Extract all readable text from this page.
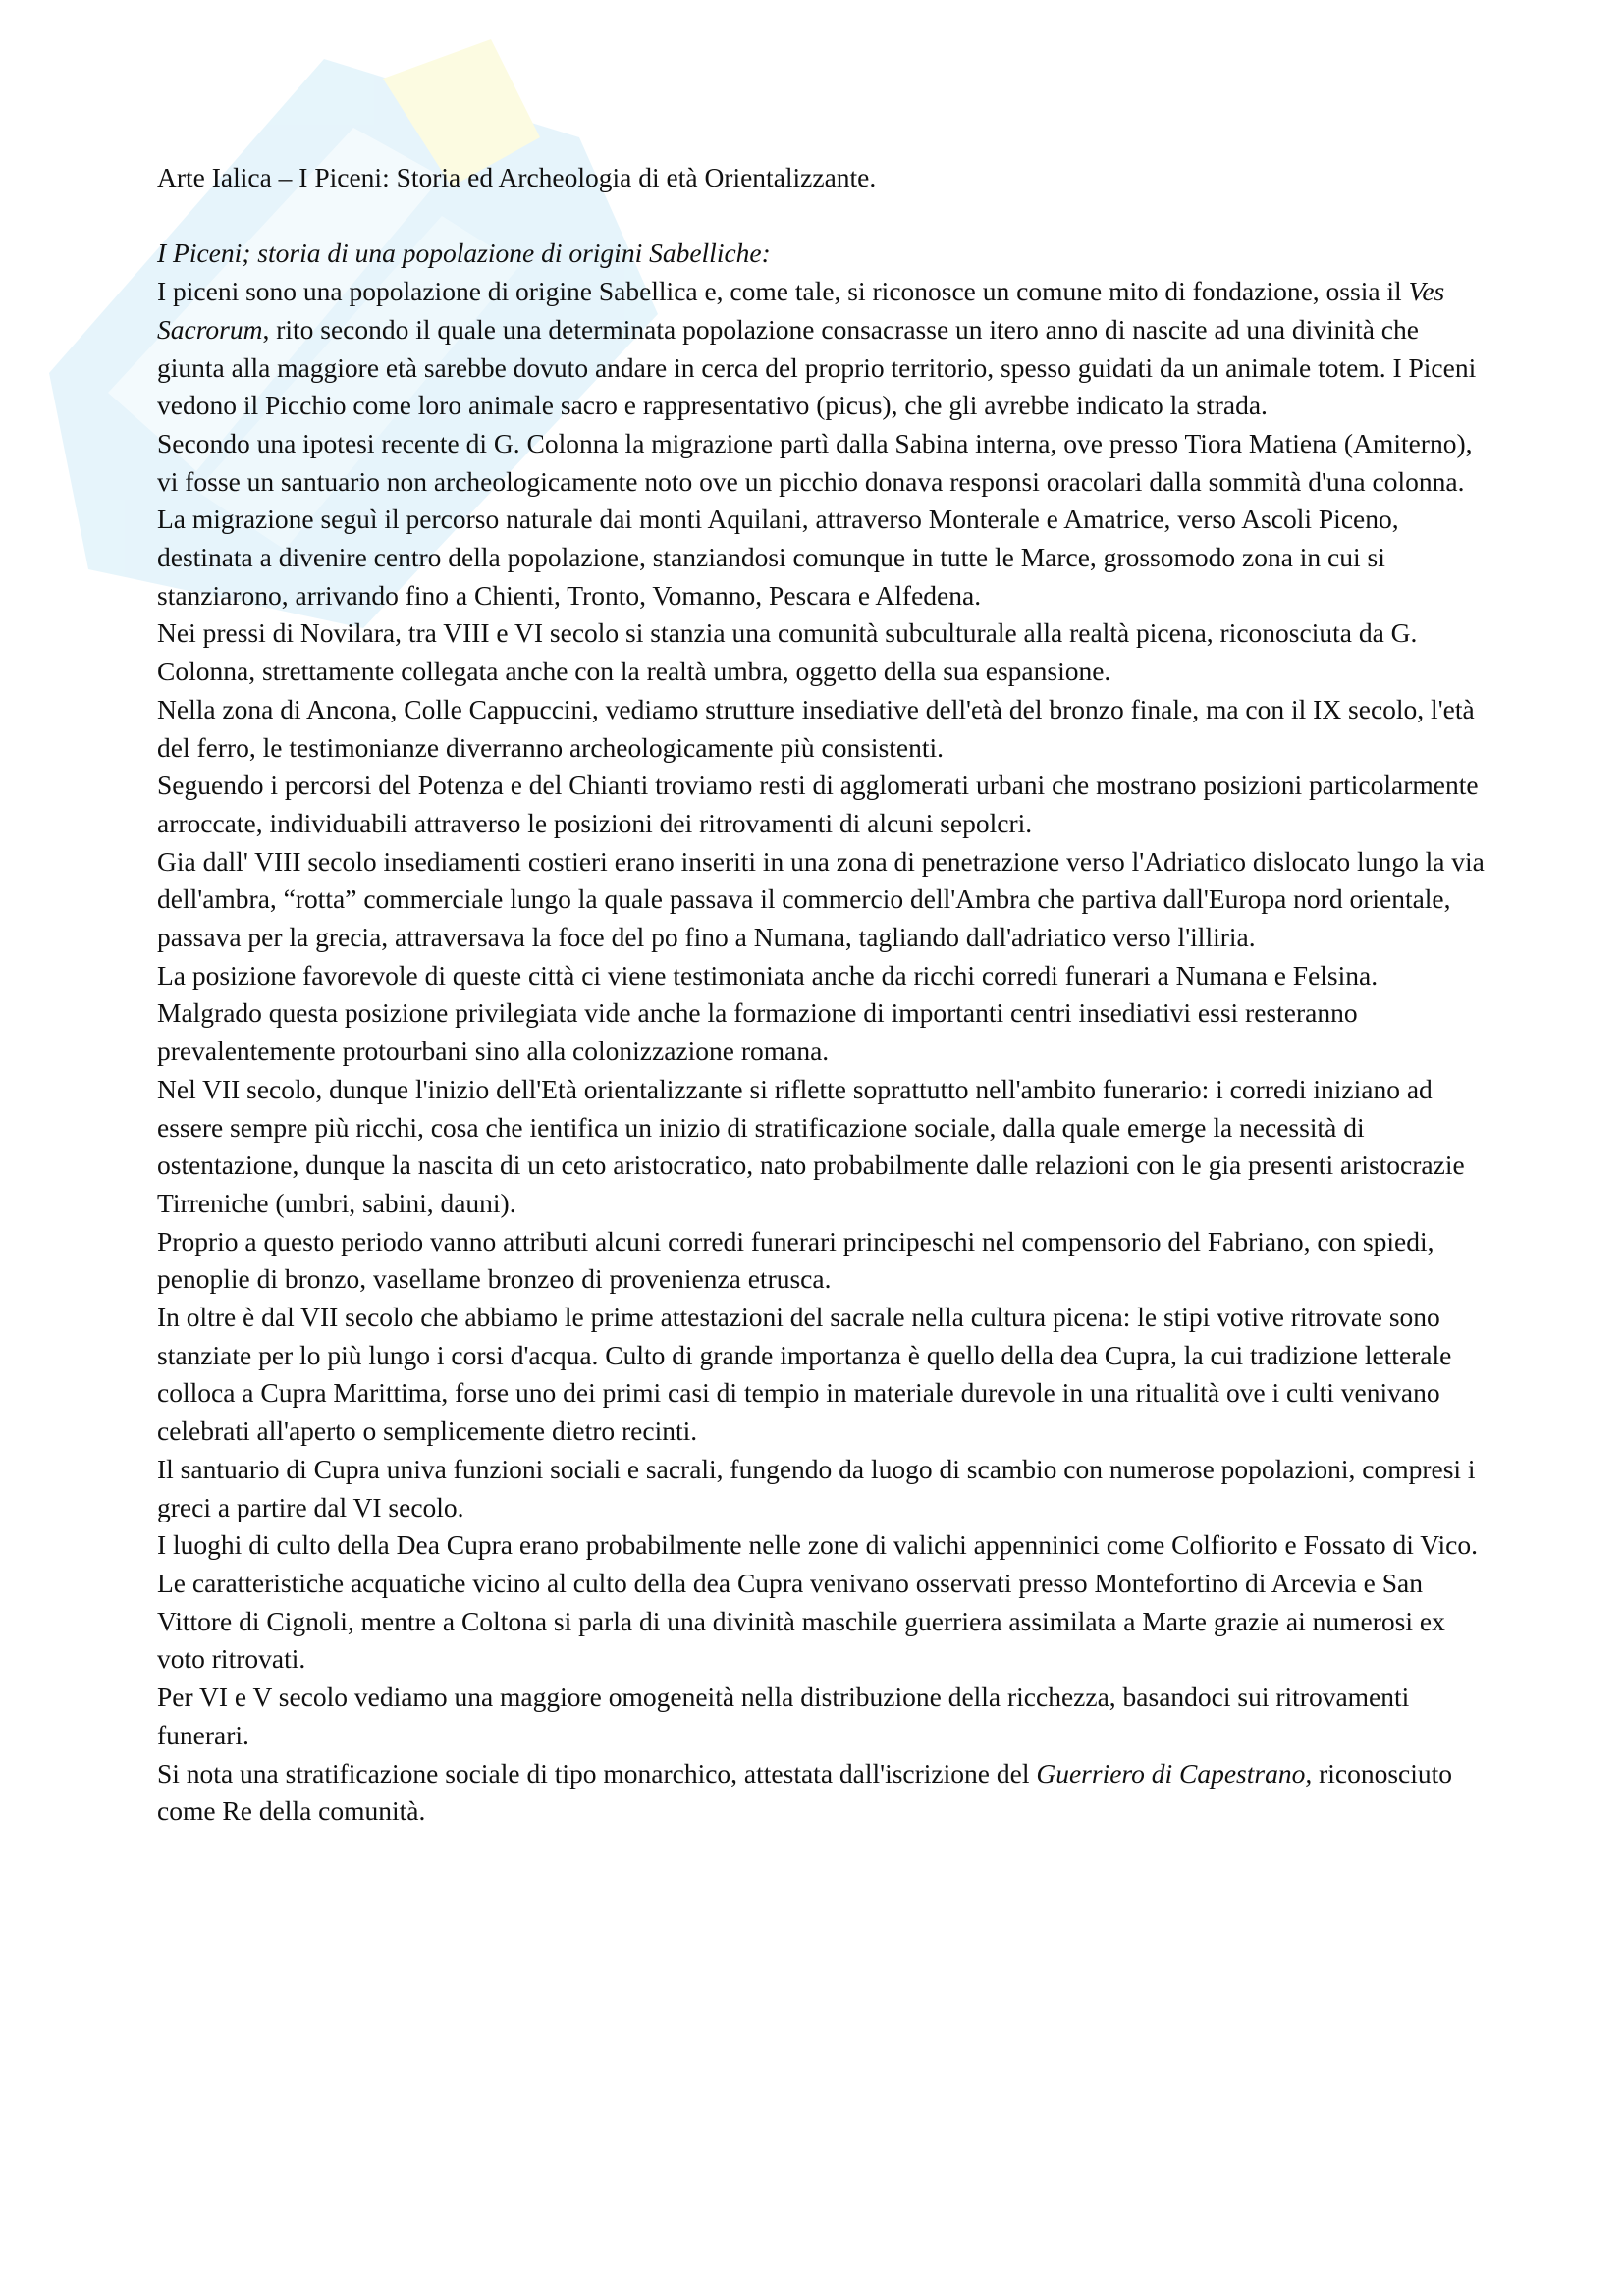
Arte Ialica – I Piceni: Storia ed Archeologia di età Orientalizzante.

I Piceni; storia di una popolazione di origini Sabelliche:

I piceni sono una popolazione di origine Sabellica e, come tale, si riconosce un comune mito di fondazione, ossia il Ves Sacrorum, rito secondo il quale una determinata popolazione consacrasse un itero anno di nascite ad una divinità che giunta alla maggiore età sarebbe dovuto andare in cerca del proprio territorio, spesso guidati da un animale totem. I Piceni vedono il Picchio come loro animale sacro e rappresentativo (picus), che gli avrebbe indicato la strada.

Secondo una ipotesi recente di G. Colonna la migrazione partì dalla Sabina interna, ove presso Tiora Matiena (Amiterno), vi fosse un santuario non archeologicamente noto ove un picchio donava responsi oracolari dalla sommità d'una colonna.

La migrazione seguì il percorso naturale dai monti Aquilani, attraverso Monterale e Amatrice, verso Ascoli Piceno, destinata a divenire centro della popolazione, stanziandosi comunque in tutte le Marce, grossomodo zona in cui si stanziarono, arrivando fino a Chienti, Tronto, Vomanno, Pescara e Alfedena.

Nei pressi di Novilara, tra VIII e VI secolo si stanzia una comunità subculturale alla realtà picena, riconosciuta da G. Colonna, strettamente collegata anche con la realtà umbra, oggetto della sua espansione.

Nella zona di Ancona, Colle Cappuccini, vediamo strutture insediative dell'età del bronzo finale, ma con il IX secolo, l'età del ferro, le testimonianze diverranno archeologicamente più consistenti.

Seguendo i percorsi del Potenza e del Chianti troviamo resti di agglomerati urbani che mostrano posizioni particolarmente arroccate, individuabili attraverso le posizioni dei ritrovamenti di alcuni sepolcri.

Gia dall' VIII secolo insediamenti costieri erano inseriti in una zona di penetrazione verso l'Adriatico dislocato lungo la via dell'ambra, “rotta” commerciale lungo la quale passava il commercio dell'Ambra che partiva dall'Europa nord orientale, passava per la grecia, attraversava la foce del po fino a Numana, tagliando dall'adriatico verso l'illiria.

La posizione favorevole di queste città ci viene testimoniata anche da ricchi corredi funerari a Numana e Felsina.

Malgrado questa posizione privilegiata vide anche la formazione di importanti centri insediativi essi resteranno prevalentemente protourbani sino alla colonizzazione romana.

Nel VII secolo, dunque l'inizio dell'Età orientalizzante si riflette soprattutto nell'ambito funerario: i corredi iniziano ad essere sempre più ricchi, cosa che ientifica un inizio di stratificazione sociale, dalla quale emerge la necessità di ostentazione, dunque la nascita di un ceto aristocratico, nato probabilmente dalle relazioni con le gia presenti aristocrazie Tirreniche (umbri, sabini, dauni).

Proprio a questo periodo vanno attributi alcuni corredi funerari principeschi nel compensorio del Fabriano, con spiedi, penoplie di bronzo, vasellame bronzeo di provenienza etrusca.

In oltre è dal VII secolo che abbiamo le prime attestazioni del sacrale nella cultura picena: le stipi votive ritrovate sono stanziate per lo più lungo i corsi d'acqua. Culto di grande importanza è quello della dea Cupra, la cui tradizione letterale colloca a Cupra Marittima, forse uno dei primi casi di tempio in materiale durevole in una ritualità ove i culti venivano celebrati all'aperto o semplicemente dietro recinti.

Il santuario di Cupra univa funzioni sociali e sacrali, fungendo da luogo di scambio con numerose popolazioni, compresi i greci a partire dal VI secolo.

I luoghi di culto della Dea Cupra erano probabilmente nelle zone di valichi appenninici come Colfiorito e Fossato di Vico. Le caratteristiche acquatiche vicino al culto della dea Cupra venivano osservati presso Montefortino di Arcevia e San Vittore di Cignoli, mentre a Coltona si parla di una divinità maschile guerriera assimilata a Marte grazie ai numerosi ex voto ritrovati.

Per VI e V secolo vediamo una maggiore omogeneità nella distribuzione della ricchezza, basandoci sui ritrovamenti funerari.

Si nota una stratificazione sociale di tipo monarchico, attestata dall'iscrizione del Guerriero di Capestrano, riconosciuto come Re della comunità.
